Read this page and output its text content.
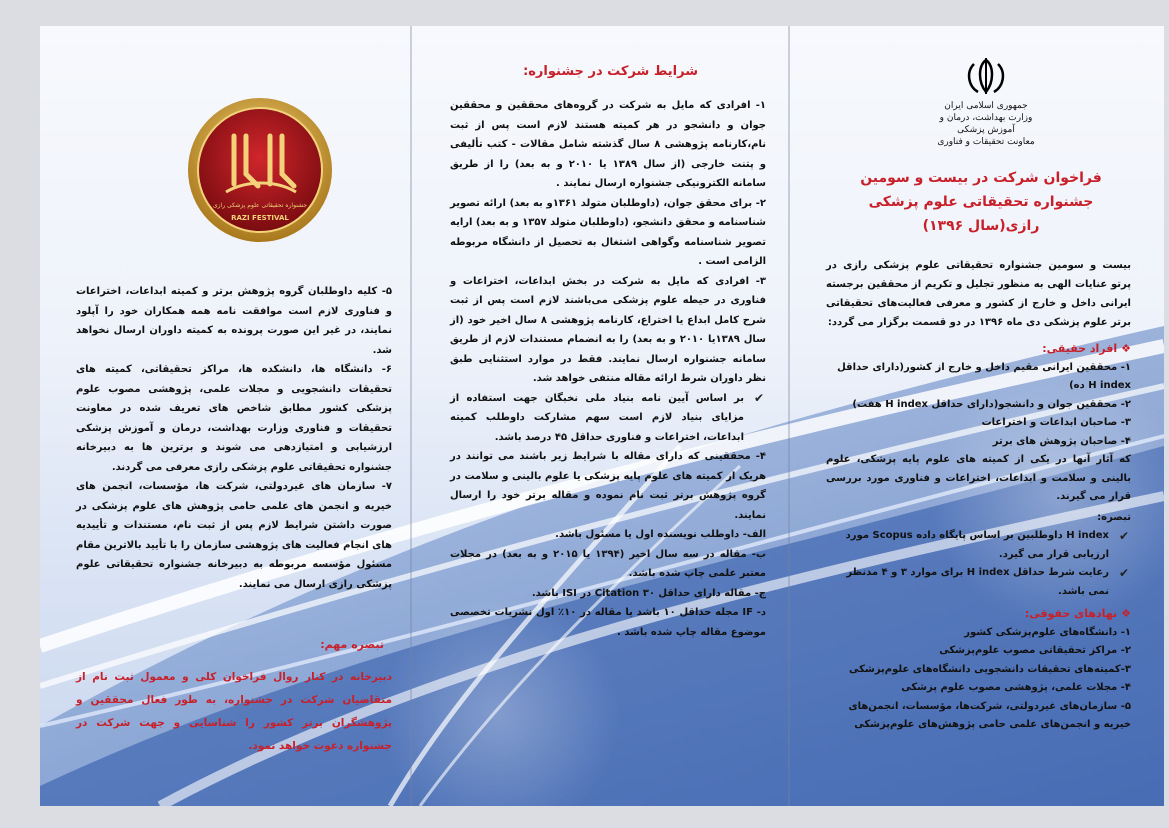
جمهوری اسلامی ایران
وزارت بهداشت، درمان و آموزش پزشکی
معاونت تحقیقات و فناوری
فراخوان شرکت در بیست و سومین
جشنواره تحقیقاتی علوم پزشکی
رازی(سال ۱۳۹۶)
بیست و سومین جشنواره تحقیقاتی علوم پزشکی رازی در پرتو عنایات الهی به منظور تجلیل و تکریم از محققین برجسته ایرانی داخل و خارج از کشور و معرفی فعالیت‌های تحقیقاتی برتر علوم پزشکی دی ماه ۱۳۹۶ در دو قسمت برگزار می گردد:
❖افراد حقیقی:
۱- محققین ایرانی مقیم داخل و خارج از کشور(دارای حداقل H index ده)
۲- محققین جوان و دانشجو(دارای حداقل H index هفت)
۳- صاحبان ابداعات و اختراعات
۴- صاحبان پژوهش های برتر
که آثار آنها در یکی از کمیته های علوم پایه پزشکی، علوم بالینی و سلامت و ابداعات، اختراعات و فناوری مورد بررسی قرار می گیرند.
تبصره:
✔
H index داوطلبین بر اساس پایگاه داده Scopus مورد ارزیابی قرار می گیرد.
✔
رعایت شرط حداقل H index برای موارد ۳ و ۴ مدنظر نمی باشد.
❖نهادهای حقوقی:
۱- دانشگاه‌های علوم‌پزشکی کشور
۲- مراکز تحقیقاتی مصوب علوم‌پزشکی
۳-کمیته‌های تحقیقات دانشجویی دانشگاه‌های علوم‌پزشکی
۴- مجلات علمی، پژوهشی مصوب علوم پزشکی
۵- سازمان‌های غیردولتی، شرکت‌ها، مؤسسات، انجمن‌های خیریه و انجمن‌های علمی حامی پژوهش‌های علوم‌پزشکی
شرایط شرکت در جشنواره:

۱- افرادی که مایل به شرکت در گروه‌های محققین و محققین جوان و دانشجو در هر کمیته هستند لازم است پس از ثبت نام،کارنامه پژوهشی ۸ سال گذشته شامل مقالات - کتب تألیفی و پتنت خارجی (از سال ۱۳۸۹ یا ۲۰۱۰ و به بعد) را از طریق سامانه الکترونیکی جشنواره ارسال نمایند .

۲- برای محقق جوان، (داوطلبان متولد ۱۳۶۱و به بعد) ارائه تصویر شناسنامه و محقق دانشجو، (داوطلبان متولد ۱۳۵۷ و به بعد) ارایه تصویر شناسنامه وگواهی اشتغال به تحصیل از دانشگاه مربوطه الزامی است .

۳- افرادی که مایل به شرکت در بخش ابداعات، اختراعات و فناوری در حیطه علوم پزشکی می‌باشند لازم است پس از ثبت شرح کامل ابداع یا اختراع، کارنامه پژوهشی ۸ سال اخیر خود (از سال ۱۳۸۹یا ۲۰۱۰ و به بعد) را به انضمام مستندات لازم از طریق سامانه جشنواره ارسال نمایند. فقط در موارد استثنایی طبق نظر داوران شرط ارائه مقاله منتفی خواهد شد.

✔
بر اساس آیین نامه بنیاد ملی نخبگان جهت استفاده از مزایای بنیاد لازم است سهم مشارکت داوطلب کمیته ابداعات، اختراعات و فناوری حداقل ۴۵ درصد باشد.

۴- محققینی که دارای مقاله با شرایط زیر باشند می توانند در هریک از کمیته های علوم پایه پزشکی یا علوم بالینی و سلامت در گروه پژوهش برتر ثبت نام نموده و مقاله برتر خود را ارسال نمایند.

الف- داوطلب نویسنده اول یا مسئول باشد.

ب- مقاله در سه سال اخیر (۱۳۹۴ یا ۲۰۱۵ و به بعد) در مجلات معتبر علمی چاپ شده باشد.

ج- مقاله دارای حداقل Citation ۳۰ در ISI باشد.

د- IF مجله حداقل ۱۰ باشد یا مقاله در ۱۰٪ اول نشریات تخصصی موضوع مقاله چاپ شده باشد .

RAZI FESTIVAL
جشنواره تحقیقاتی علوم پزشکی رازی

۵- کلیه داوطلبان گروه پژوهش برتر و کمیته ابداعات، اختراعات و فناوری لازم است موافقت نامه همه همکاران خود را آپلود نمایند، در غیر این صورت پرونده به کمیته داوران ارسال نخواهد شد.

۶- دانشگاه ها، دانشکده ها، مراکز تحقیقاتی، کمیته های تحقیقات دانشجویی و مجلات علمی، پژوهشی مصوب علوم پزشکی کشور مطابق شاخص های تعریف شده در معاونت تحقیقات و فناوری وزارت بهداشت، درمان و آموزش پزشکی ارزشیابی و امتیازدهی می شوند و برترین ها به دبیرخانه جشنواره تحقیقاتی علوم پزشکی رازی معرفی می گردند.

۷- سازمان های غیردولتی، شرکت ها، مؤسسات، انجمن های خیریه و انجمن های علمی حامی پژوهش های علوم پزشکی در صورت داشتن شرایط لازم پس از ثبت نام، مستندات و تأییدیه های انجام فعالیت های پژوهشی سازمان را با تأیید بالاترین مقام مسئول مؤسسه مربوطه به دبیرخانه جشنواره تحقیقاتی علوم پزشکی رازی ارسال می نمایند.

تبصره مهم:
دبیرخانه در کنار روال فراخوان کلی و معمول ثبت نام از متقاضیان شرکت در جشنواره، به طور فعال محققین و پژوهشگران برتر کشور را شناسایی و جهت شرکت در جشنواره دعوت خواهد نمود.
